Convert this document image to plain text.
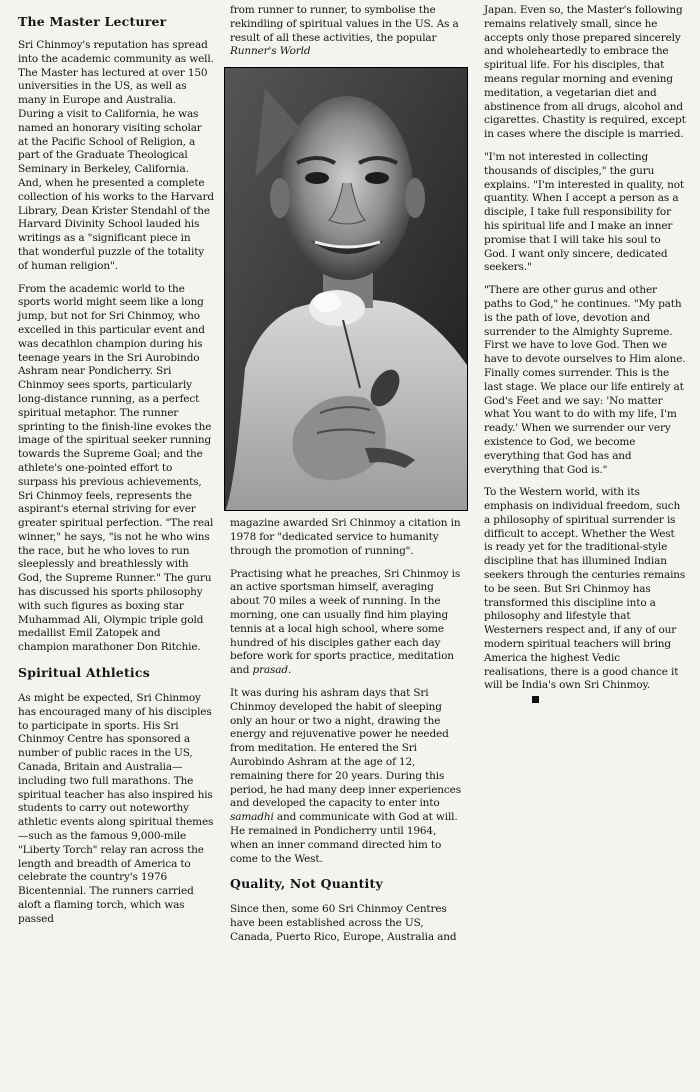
The Master Lecturer

Sri Chinmoy's reputation has spread into the academic community as well. The Master has lectured at over 150 universities in the US, as well as many in Europe and Australia. During a visit to California, he was named an honorary visiting scholar at the Pacific School of Religion, a part of the Graduate Theological Seminary in Berkeley, California. And, when he presented a complete collection of his works to the Harvard Library, Dean Krister Stendahl of the Harvard Divinity School lauded his writings as a "significant piece in that wonderful puzzle of the totality of human religion".

From the academic world to the sports world might seem like a long jump, but not for Sri Chinmoy, who excelled in this particular event and was decathlon champion during his teenage years in the Sri Aurobindo Ashram near Pondicherry. Sri Chinmoy sees sports, particularly long-distance running, as a perfect spiritual metaphor. The runner sprinting to the finish-line evokes the image of the spiritual seeker running towards the Supreme Goal; and the athlete's one-pointed effort to surpass his previous achievements, Sri Chinmoy feels, represents the aspirant's eternal striving for ever greater spiritual perfection. "The real winner," he says, "is not he who wins the race, but he who loves to run sleeplessly and breathlessly with God, the Supreme Runner." The guru has discussed his sports philosophy with such figures as boxing star Muhammad Ali, Olympic triple gold medallist Emil Zatopek and champion marathoner Don Ritchie.

Spiritual Athletics

As might be expected, Sri Chinmoy has encouraged many of his disciples to participate in sports. His Sri Chinmoy Centre has sponsored a number of public races in the US, Canada, Britain and Australia—including two full marathons. The spiritual teacher has also inspired his students to carry out noteworthy athletic events along spiritual themes—such as the famous 9,000-mile "Liberty Torch" relay ran across the length and breadth of America to celebrate the country's 1976 Bicentennial. The runners carried aloft a flaming torch, which was passed

from runner to runner, to symbolise the rekindling of spiritual values in the US. As a result of all these activities, the popular Runner's World

magazine awarded Sri Chinmoy a citation in 1978 for "dedicated service to humanity through the promotion of running".

Practising what he preaches, Sri Chinmoy is an active sportsman himself, averaging about 70 miles a week of running. In the morning, one can usually find him playing tennis at a local high school, where some hundred of his disciples gather each day before work for sports practice, meditation and prasad.

It was during his ashram days that Sri Chinmoy developed the habit of sleeping only an hour or two a night, drawing the energy and rejuvenative power he needed from meditation. He entered the Sri Aurobindo Ashram at the age of 12, remaining there for 20 years. During this period, he had many deep inner experiences and developed the capacity to enter into samadhi and communicate with God at will. He remained in Pondicherry until 1964, when an inner command directed him to come to the West.

Quality, Not Quantity

Since then, some 60 Sri Chinmoy Centres have been established across the US, Canada, Puerto Rico, Europe, Australia and

Japan. Even so, the Master's following remains relatively small, since he accepts only those prepared sincerely and wholeheartedly to embrace the spiritual life. For his disciples, that means regular morning and evening meditation, a vegetarian diet and abstinence from all drugs, alcohol and cigarettes. Chastity is required, except in cases where the disciple is married.

"I'm not interested in collecting thousands of disciples," the guru explains. "I'm interested in quality, not quantity. When I accept a person as a disciple, I take full responsibility for his spiritual life and I make an inner promise that I will take his soul to God. I want only sincere, dedicated seekers."

"There are other gurus and other paths to God," he continues. "My path is the path of love, devotion and surrender to the Almighty Supreme. First we have to love God. Then we have to devote ourselves to Him alone. Finally comes surrender. This is the last stage. We place our life entirely at God's Feet and we say: 'No matter what You want to do with my life, I'm ready.' When we surrender our very existence to God, we become everything that God has and everything that God is."

To the Western world, with its emphasis on individual freedom, such a philosophy of spiritual surrender is difficult to accept. Whether the West is ready yet for the traditional-style discipline that has illumined Indian seekers through the centuries remains to be seen. But Sri Chinmoy has transformed this discipline into a philosophy and lifestyle that Westerners respect and, if any of our modern spiritual teachers will bring America the highest Vedic realisations, there is a good chance it will be India's own Sri Chinmoy.
